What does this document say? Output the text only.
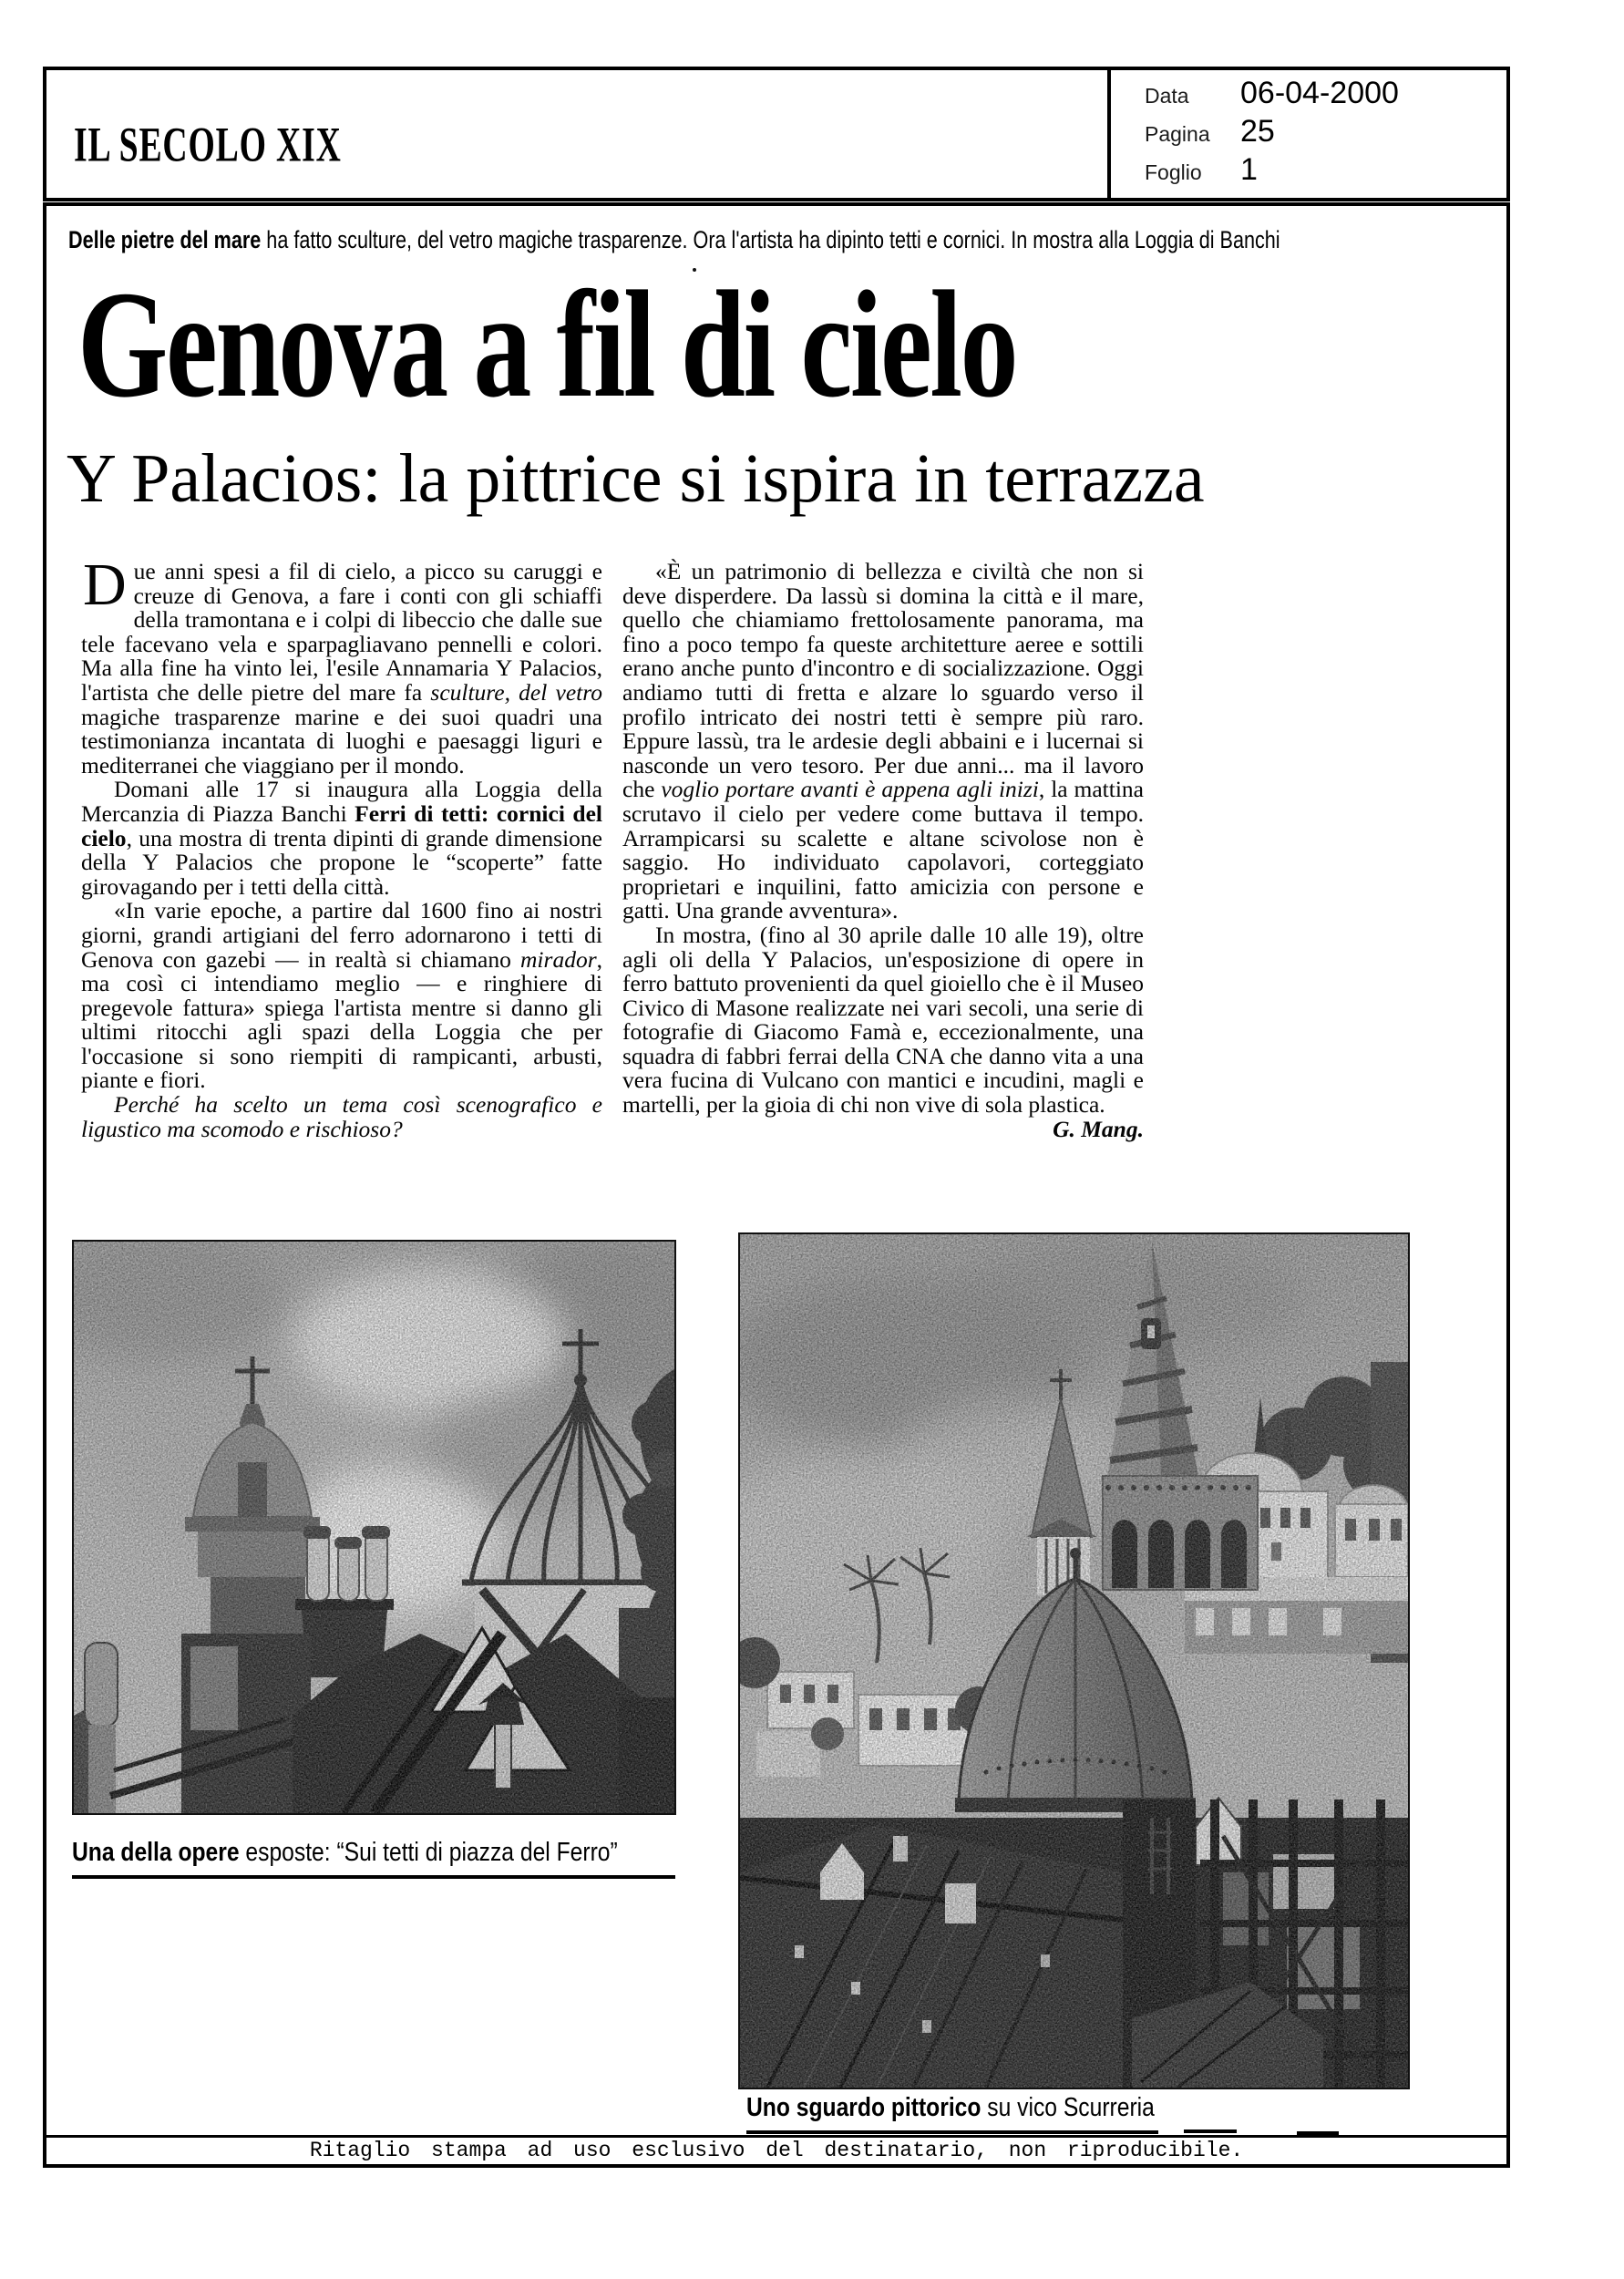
IL SECOLO XIX
Data	06-04-2000
Pagina 25
Foglio	1
Delle pietre del mare ha fatto sculture, del vetro magiche trasparenze. Ora l'artista ha dipinto tetti e cornici. In mostra alla Loggia di Banchi
Genova a fil di cielo
Y Palacios: la pittrice si ispira in terrazza

Due anni spesi a fil di cielo, a picco su caruggi e creuze di Genova, a fare i conti con gli schiaffi della tramontana e i colpi di libeccio che dalle sue tele facevano vela e sparpagliavano pennelli e colori. Ma alla fine ha vinto lei, l'esile Annamaria Y Palacios, l'artista che delle pietre del mare fa sculture, del vetro magiche trasparenze marine e dei suoi quadri una testimonianza incantata di luoghi e paesaggi liguri e mediterranei che viaggiano per il mondo.

Domani alle 17 si inaugura alla Loggia della Mercanzia di Piazza Banchi Ferri di tetti: cornici del cielo, una mostra di trenta dipinti di grande dimensione della Y Palacios che propone le “scoperte” fatte girovagando per i tetti della città.

«In varie epoche, a partire dal 1600 fino ai nostri giorni, grandi artigiani del ferro adornarono i tetti di Genova con gazebi — in realtà si chiamano mirador, ma così ci intendiamo meglio — e ringhiere di pregevole fattura» spiega l'artista mentre si danno gli ultimi ritocchi agli spazi della Loggia che per l'occasione si sono riempiti di rampicanti, arbusti, piante e fiori.

Perché ha scelto un tema così scenografico e ligustico ma scomodo e rischioso?

«È un patrimonio di bellezza e civiltà che non si deve disperdere. Da lassù si domina la città e il mare, quello che chiamiamo frettolosamente panorama, ma fino a poco tempo fa queste architetture aeree e sottili erano anche punto d'incontro e di socializzazione. Oggi andiamo tutti di fretta e alzare lo sguardo verso il profilo intricato dei nostri tetti è sempre più raro. Eppure lassù, tra le ardesie degli abbaini e i lucernai si nasconde un vero tesoro. Per due anni... ma il lavoro che voglio portare avanti è appena agli inizi, la mattina scrutavo il cielo per vedere come buttava il tempo. Arrampicarsi su scalette e altane scivolose non è saggio. Ho individuato capolavori, corteggiato proprietari e inquilini, fatto amicizia con persone e gatti. Una grande avventura».

In mostra, (fino al 30 aprile dalle 10 alle 19), oltre agli oli della Y Palacios, un'esposizione di opere in ferro battuto provenienti da quel gioiello che è il Museo Civico di Masone realizzate nei vari secoli, una serie di fotografie di Giacomo Famà e, eccezionalmente, una squadra di fabbri ferrai della CNA che danno vita a una vera fucina di Vulcano con mantici e incudini, magli e martelli, per la gioia di chi non vive di sola plastica.

G. Mang.

Una della opere esposte: “Sui tetti di piazza del Ferro”
Uno sguardo pittorico su vico Scurreria
Ritaglio stampa ad uso esclusivo del destinatario, non riproducibile.
